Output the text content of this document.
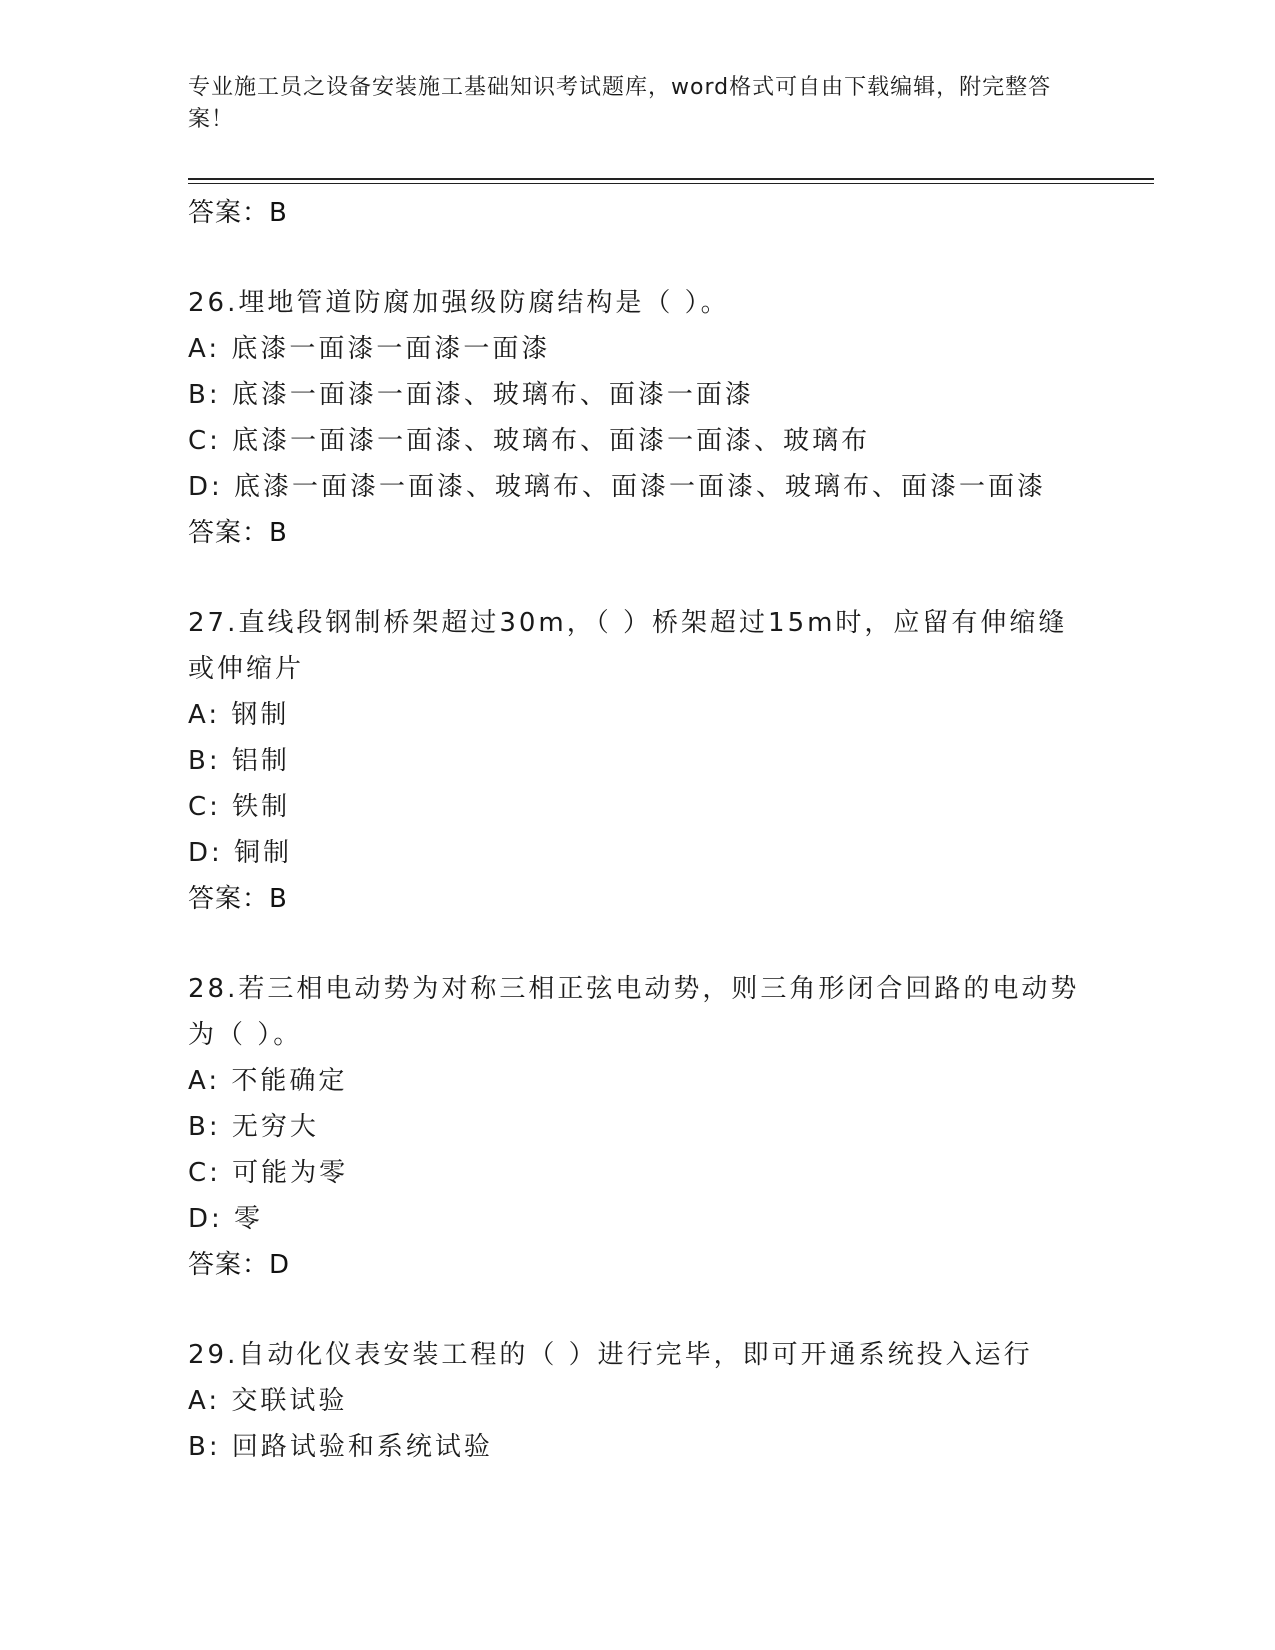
专业施工员之设备安装施工基础知识考试题库，word格式可自由下载编辑，附完整答案！
答案：B
26.埋地管道防腐加强级防腐结构是（ ）。
A: 底漆一面漆一面漆一面漆
B: 底漆一面漆一面漆、玻璃布、面漆一面漆
C: 底漆一面漆一面漆、玻璃布、面漆一面漆、玻璃布
D: 底漆一面漆一面漆、玻璃布、面漆一面漆、玻璃布、面漆一面漆
答案：B
27.直线段钢制桥架超过30m，（ ）桥架超过15m时，应留有伸缩缝或伸缩片
A: 钢制
B: 铝制
C: 铁制
D: 铜制
答案：B
28.若三相电动势为对称三相正弦电动势，则三角形闭合回路的电动势为（ ）。
A: 不能确定
B: 无穷大
C: 可能为零
D: 零
答案：D
29.自动化仪表安装工程的（ ）进行完毕，即可开通系统投入运行
A: 交联试验
B: 回路试验和系统试验
